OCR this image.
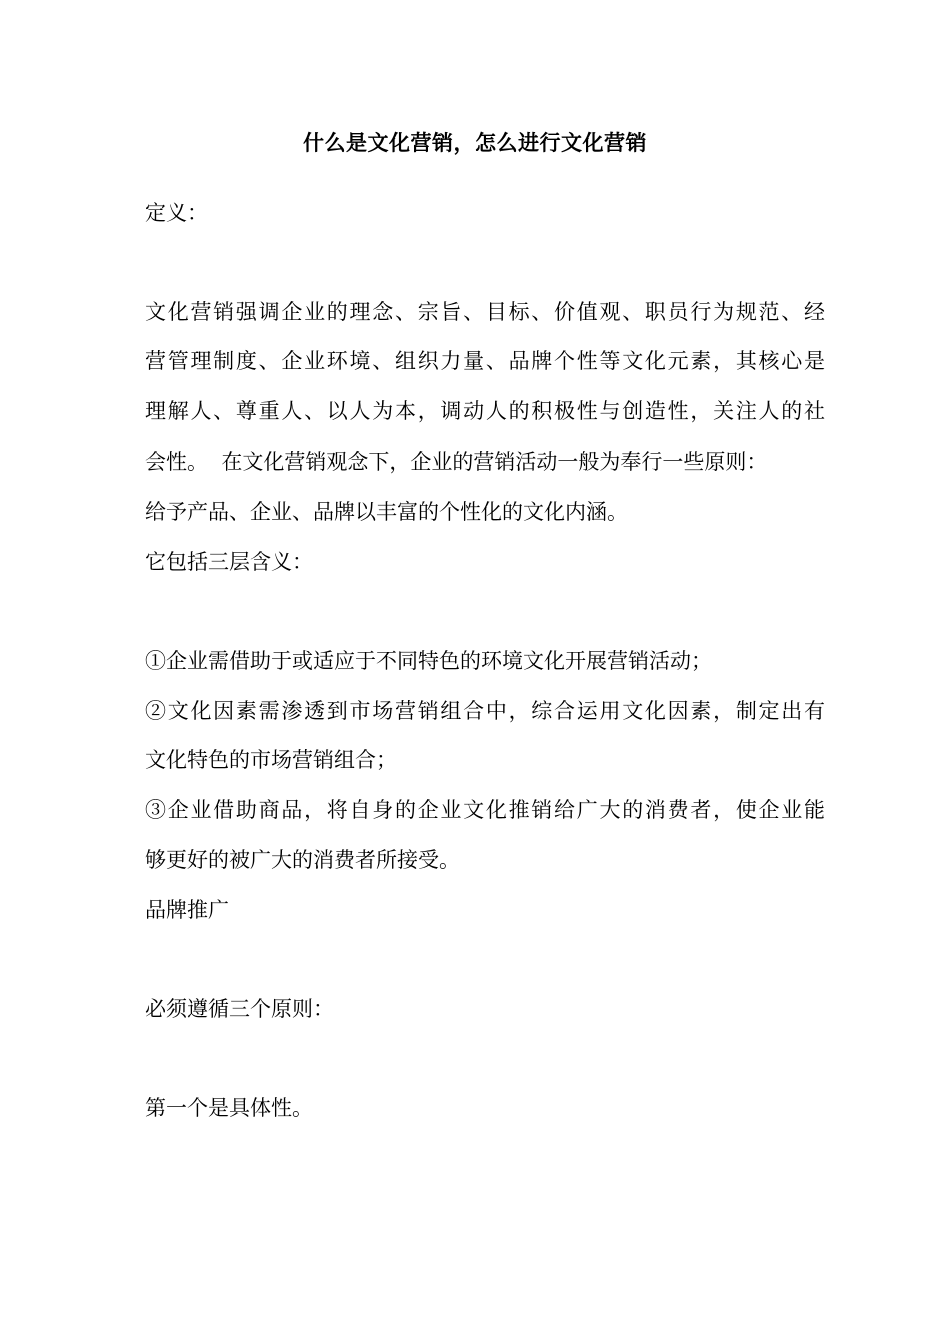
什么是文化营销，怎么进行文化营销
定义：
文化营销强调企业的理念、宗旨、目标、价值观、职员行为规范、经
营管理制度、企业环境、组织力量、品牌个性等文化元素，其核心是
理解人、尊重人、以人为本，调动人的积极性与创造性，关注人的社
会性。  在文化营销观念下，企业的营销活动一般为奉行一些原则：
给予产品、企业、品牌以丰富的个性化的文化内涵。
它包括三层含义：
①企业需借助于或适应于不同特色的环境文化开展营销活动；
②文化因素需渗透到市场营销组合中，综合运用文化因素，制定出有
文化特色的市场营销组合；
③企业借助商品，将自身的企业文化推销给广大的消费者，使企业能
够更好的被广大的消费者所接受。
品牌推广
必须遵循三个原则：
第一个是具体性。
